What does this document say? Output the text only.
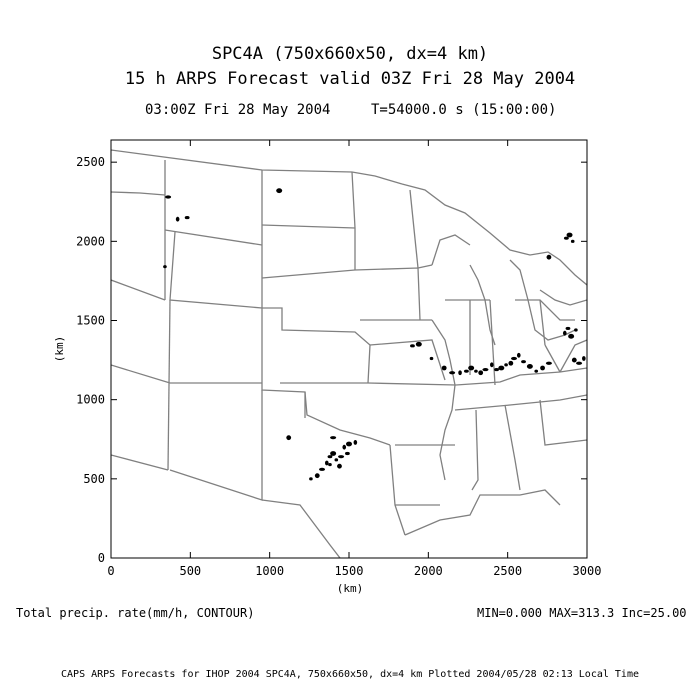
SPC4A (750x660x50, dx=4 km)
15 h ARPS Forecast valid 03Z Fri 28 May 2004
03:00Z Fri 28 May 2004	T=54000.0 s (15:00:00)
0	500	1000	1500	2000	2500	3000
0
500
1000
1500
2000
2500
(km)
(km)
Total precip. rate(mm/h, CONTOUR)	MIN=0.000 MAX=313.3 Inc=25.00
CAPS ARPS Forecasts for IHOP 2004 SPC4A, 750x660x50, dx=4 km Plotted 2004/05/28 02:13 Local Time
